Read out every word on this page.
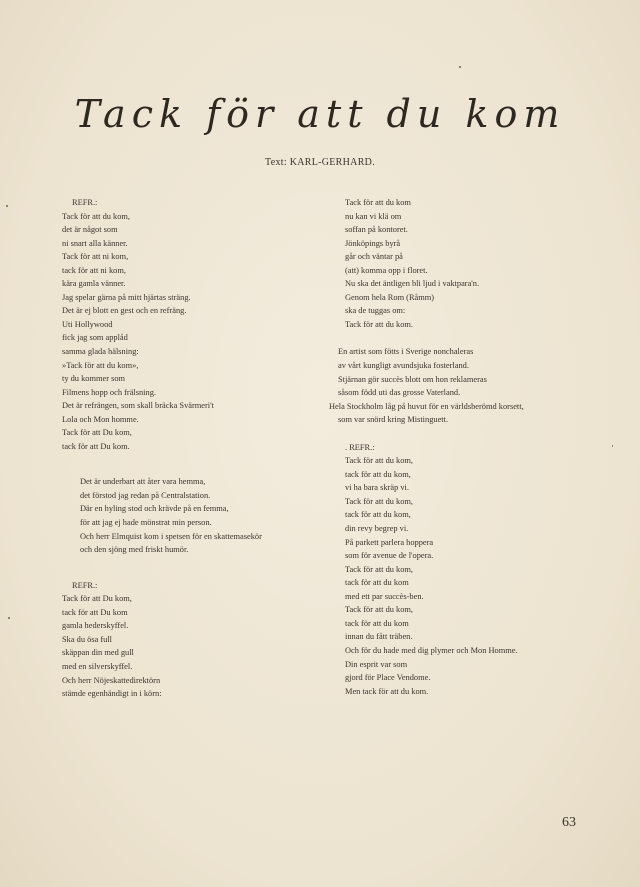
Tack för att du kom
Text: KARL-GERHARD.
REFR.:
Tack för att du kom,
det är något som
ni snart alla känner.
Tack för att ni kom,
tack för att ni kom,
kära gamla vänner.
Jag spelar gärna på mitt hjärtas sträng.
Det är ej blott en gest och en refräng.
Uti Hollywood
fick jag som applåd
samma glada hälsning:
»Tack för att du kom»,
ty du kommer som
Filmens hopp och frälsning.
Det är refrängen, som skall bräcka Svärmeri't
Lola och Mon homme.
Tack för att Du kom,
tack för att Du kom.
Det är underbart att åter vara hemma,
det förstod jag redan på Centralstation.
Där en hyling stod och krävde på en femma,
för att jag ej hade mönstrat min person.
Och herr Elmquist kom i spetsen för en skattemasekör
och den sjöng med friskt humör.
REFR.:
Tack för att Du kom,
tack för att Du kom
gamla hederskyffel.
Ska du ösa full
skäppan din med gull
med en silverskyffel.
Och herr Nöjeskattedirektörn
stämde egenhändigt in i körn:
Tack för att du kom
nu kan vi klä om
soffan på kontoret.
Jönköpings byrå
går och väntar på
(att) komma opp i floret.
Nu ska det äntligen bli ljud i vaktpara'n.
Genom hela Rom (Råmm)
ska de tuggas om:
Tack för att du kom.
En artist som fötts i Sverige nonchaleras
av vårt kungligt avundsjuka fosterland.
Stjärnan gör succès blott om hon reklameras
såsom född uti das grosse Vaterland.
Hela Stockholm låg på huvut för en världsberömd korsett,
som var snörd kring Mistinguett.
. REFR.:
Tack för att du kom,
tack för att du kom,
vi ha bara skräp vi.
Tack för att du kom,
tack för att du kom,
din revy begrep vi.
På parkett parlera hoppera
som för avenue de l'opera.
Tack för att du kom,
tack för att du kom
med ett par succès-ben.
Tack för att du kom,
tack för att du kom
innan du fått träben.
Och för du hade med dig plymer och Mon Homme.
Din esprit var som
gjord för Place Vendome.
Men tack för att du kom.
63
